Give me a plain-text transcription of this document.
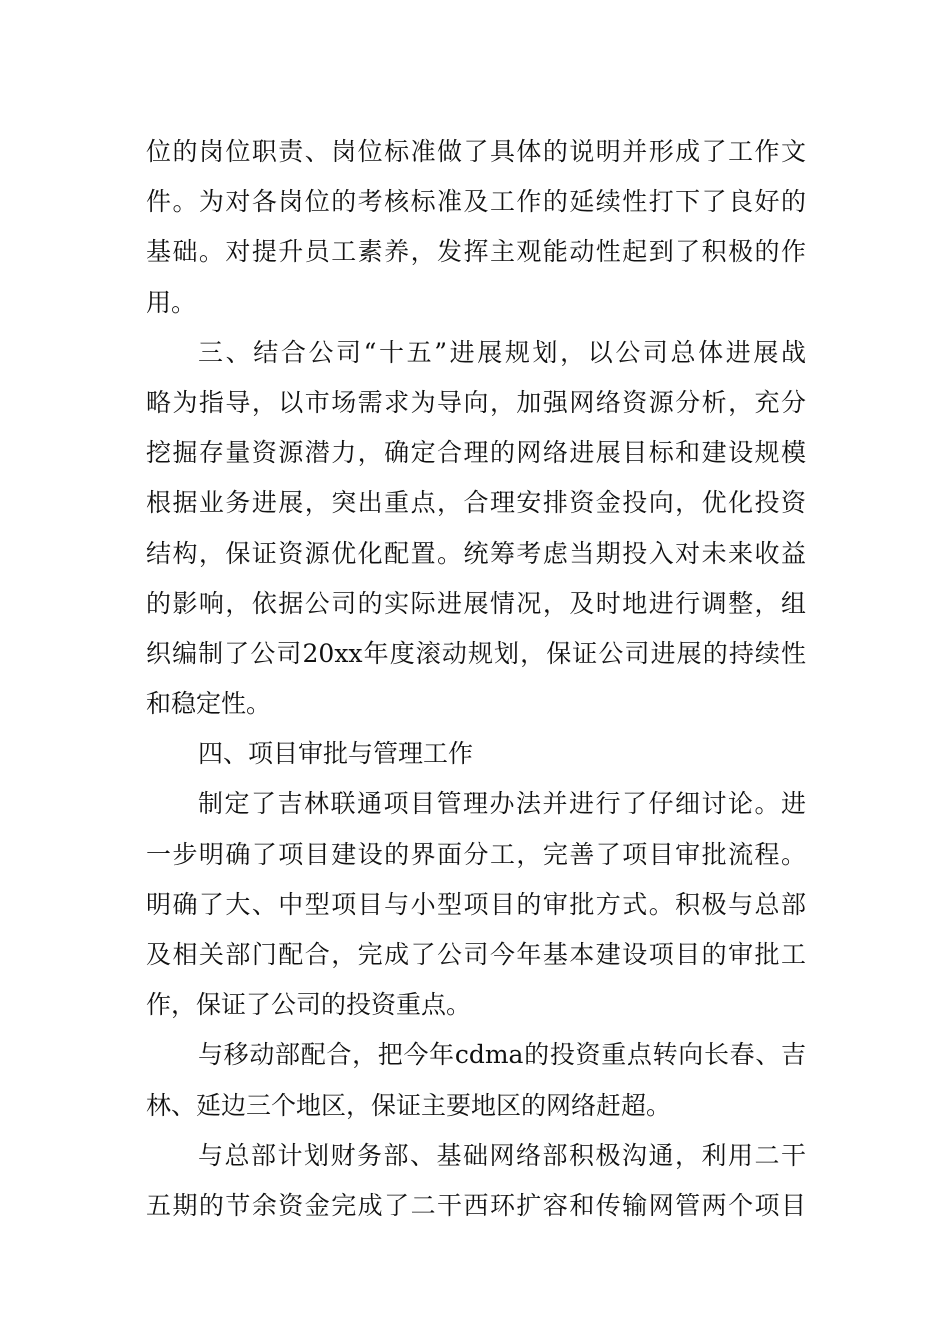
位的岗位职责、岗位标准做了具体的说明并形成了工作文
件。为对各岗位的考核标准及工作的延续性打下了良好的
基础。对提升员工素养，发挥主观能动性起到了积极的作
用。
三、结合公司“十五”进展规划，以公司总体进展战
略为指导，以市场需求为导向，加强网络资源分析，充分
挖掘存量资源潜力，确定合理的网络进展目标和建设规模
根据业务进展，突出重点，合理安排资金投向，优化投资
结构，保证资源优化配置。统筹考虑当期投入对未来收益
的影响，依据公司的实际进展情况，及时地进行调整，组
织编制了公司20xx年度滚动规划，保证公司进展的持续性
和稳定性。
四、项目审批与管理工作
制定了吉林联通项目管理办法并进行了仔细讨论。进
一步明确了项目建设的界面分工，完善了项目审批流程。
明确了大、中型项目与小型项目的审批方式。积极与总部
及相关部门配合，完成了公司今年基本建设项目的审批工
作，保证了公司的投资重点。
与移动部配合，把今年cdma的投资重点转向长春、吉
林、延边三个地区，保证主要地区的网络赶超。
与总部计划财务部、基础网络部积极沟通，利用二干
五期的节余资金完成了二干西环扩容和传输网管两个项目
